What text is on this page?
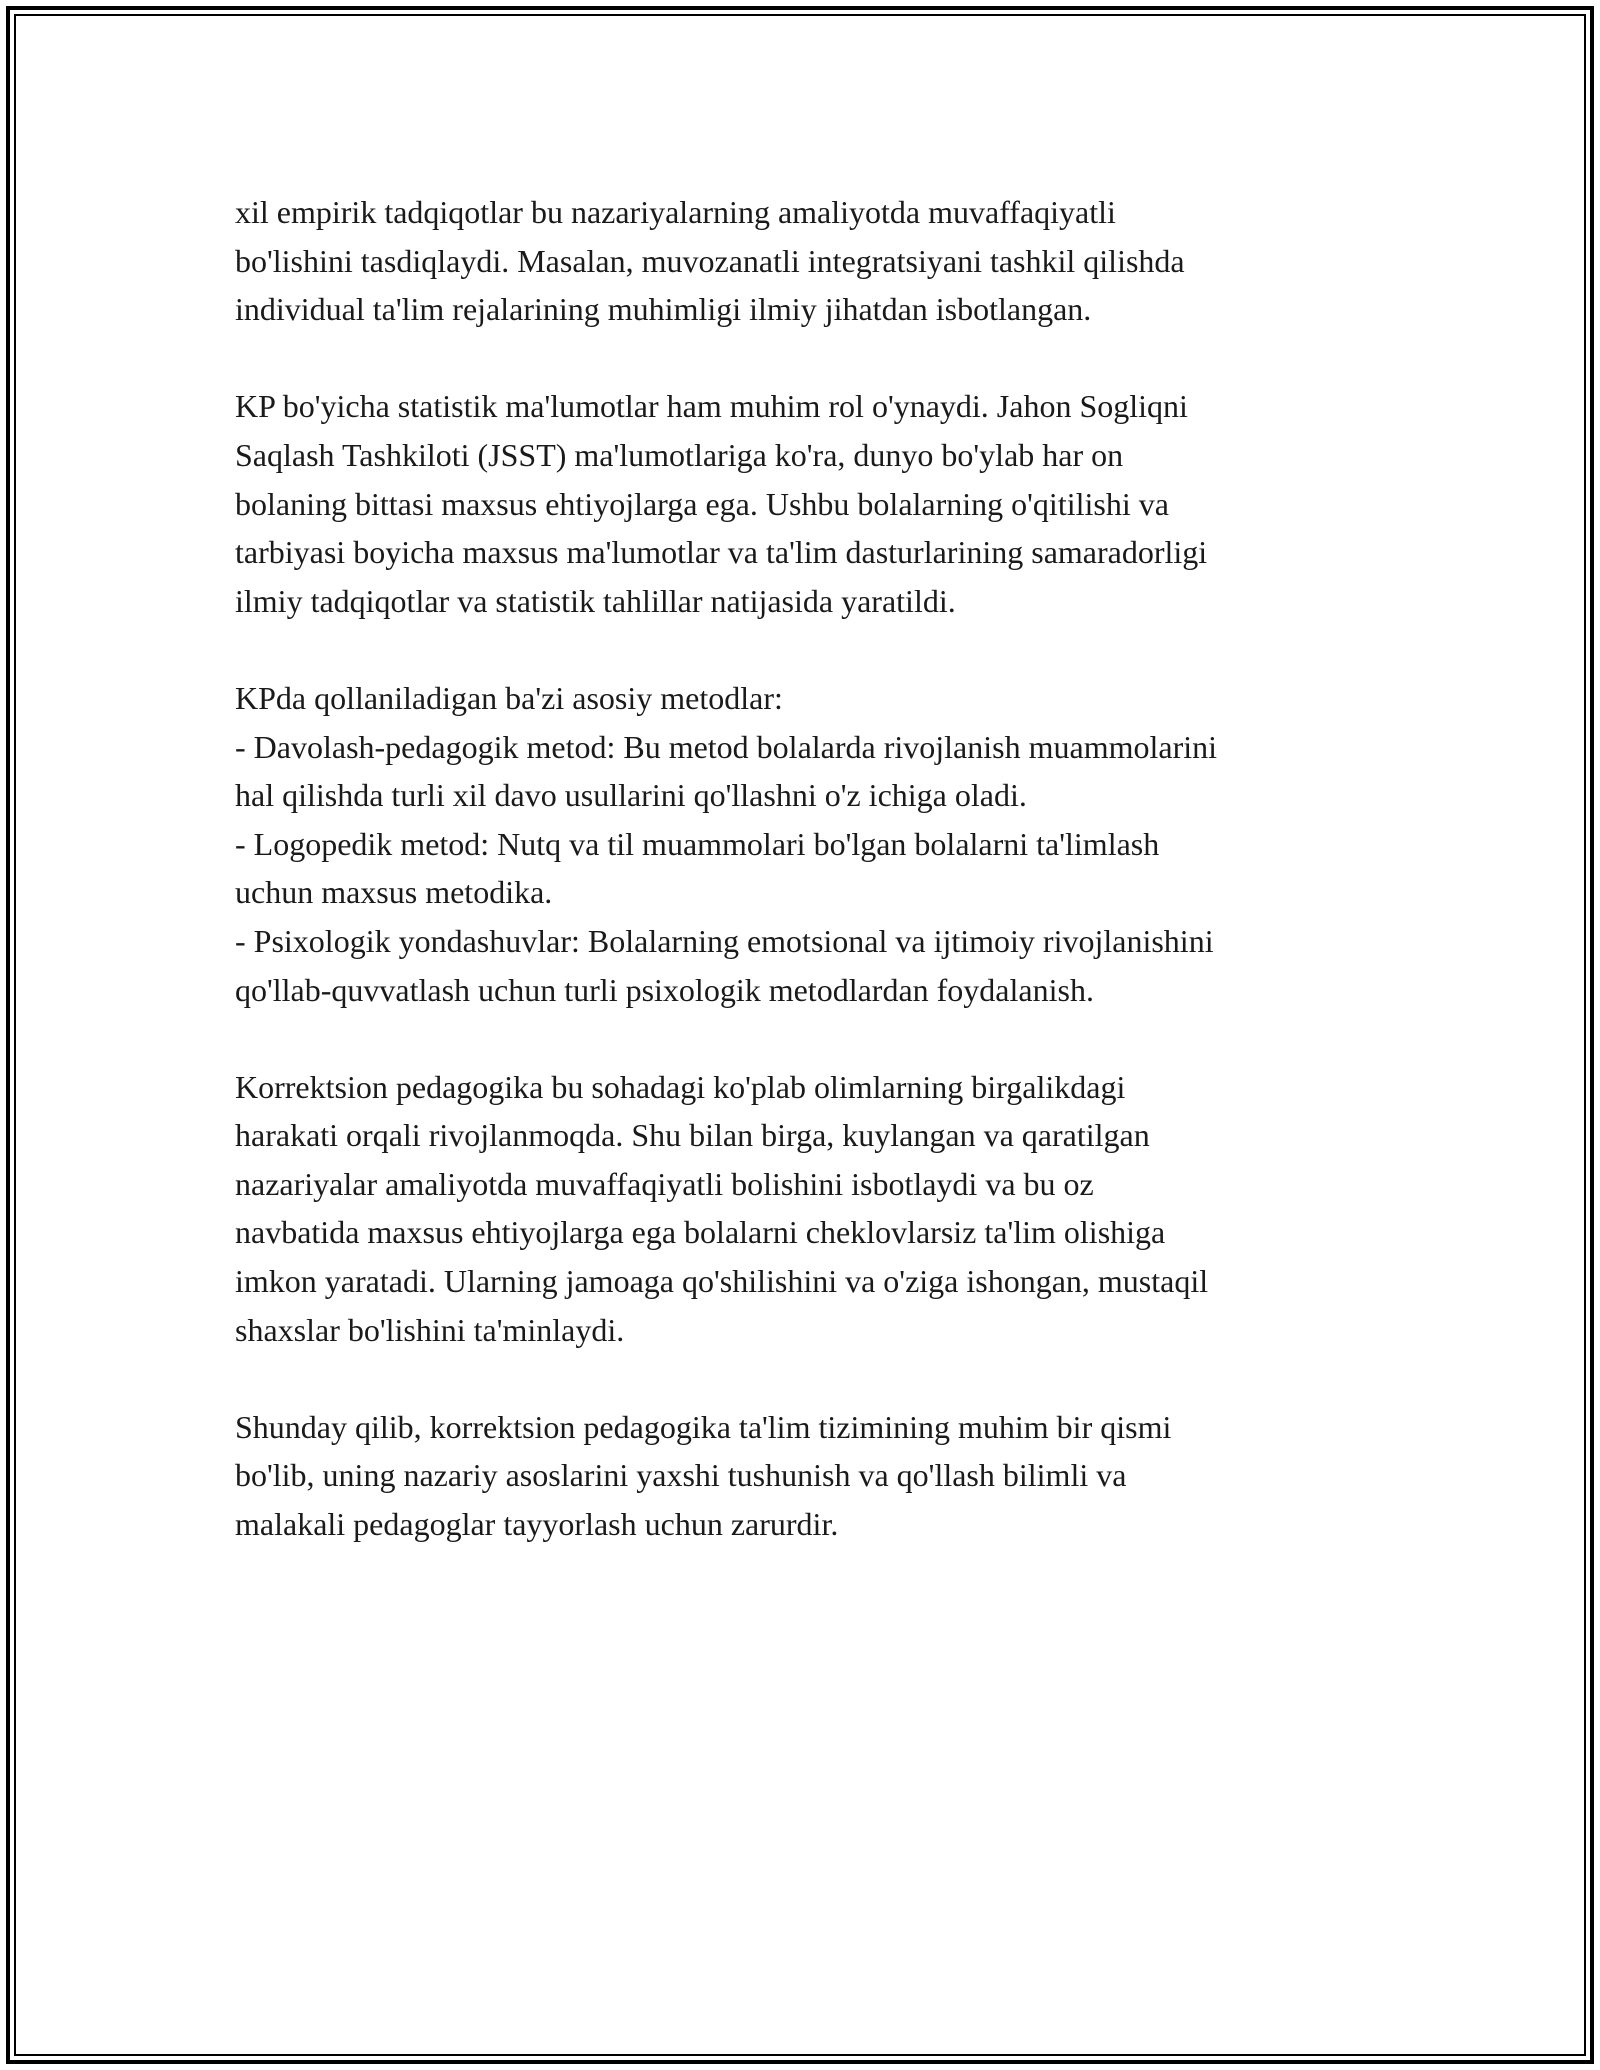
xil empirik tadqiqotlar bu nazariyalarning amaliyotda muvaffaqiyatli
bo'lishini tasdiqlaydi. Masalan, muvozanatli integratsiyani tashkil qilishda
individual ta'lim rejalarining muhimligi ilmiy jihatdan isbotlangan.

KP bo'yicha statistik ma'lumotlar ham muhim rol o'ynaydi. Jahon Sogliqni
Saqlash Tashkiloti (JSST) ma'lumotlariga ko'ra, dunyo bo'ylab har on
bolaning bittasi maxsus ehtiyojlarga ega. Ushbu bolalarning o'qitilishi va
tarbiyasi boyicha maxsus ma'lumotlar va ta'lim dasturlarining samaradorligi
ilmiy tadqiqotlar va statistik tahlillar natijasida yaratildi.

KPda qollaniladigan ba'zi asosiy metodlar:
- Davolash-pedagogik metod: Bu metod bolalarda rivojlanish muammolarini
hal qilishda turli xil davo usullarini qo'llashni o'z ichiga oladi.
- Logopedik metod: Nutq va til muammolari bo'lgan bolalarni ta'limlash
uchun maxsus metodika.
- Psixologik yondashuvlar: Bolalarning emotsional va ijtimoiy rivojlanishini
qo'llab-quvvatlash uchun turli psixologik metodlardan foydalanish.

Korrektsion pedagogika bu sohadagi ko'plab olimlarning birgalikdagi
harakati orqali rivojlanmoqda. Shu bilan birga, kuylangan va qaratilgan
nazariyalar amaliyotda muvaffaqiyatli bolishini isbotlaydi va bu oz
navbatida maxsus ehtiyojlarga ega bolalarni cheklovlarsiz ta'lim olishiga
imkon yaratadi. Ularning jamoaga qo'shilishini va o'ziga ishongan, mustaqil
shaxslar bo'lishini ta'minlaydi.

Shunday qilib, korrektsion pedagogika ta'lim tizimining muhim bir qismi
bo'lib, uning nazariy asoslarini yaxshi tushunish va qo'llash bilimli va
malakali pedagoglar tayyorlash uchun zarurdir.
